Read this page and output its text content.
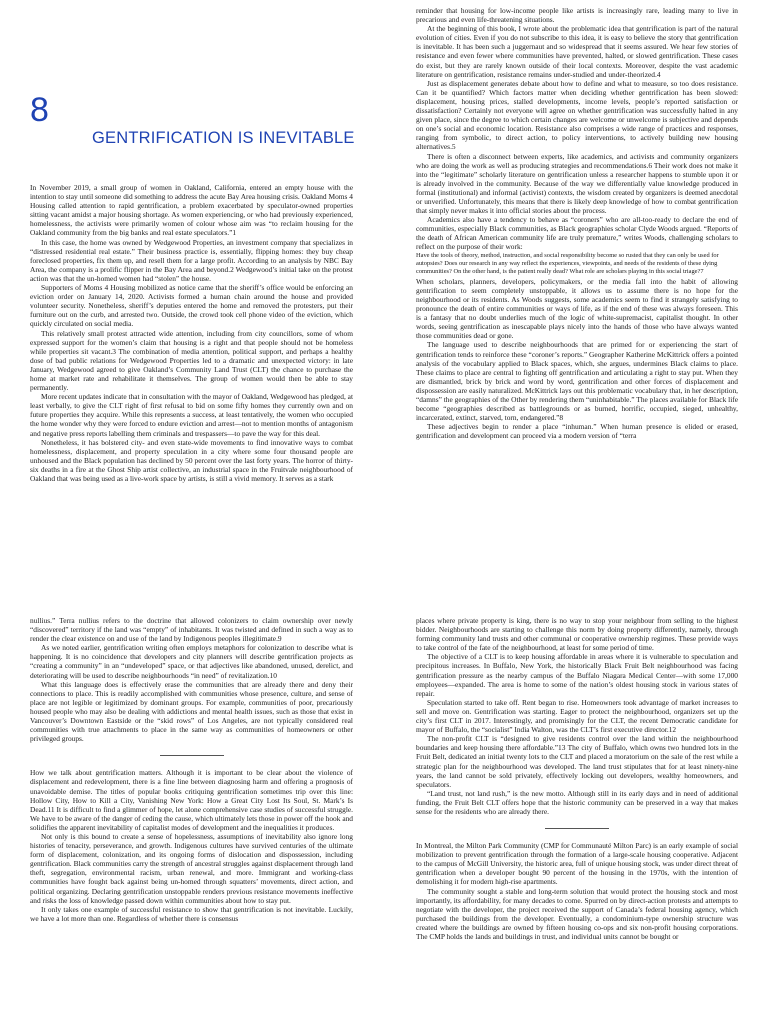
8
GENTRIFICATION IS INEVITABLE

In November 2019, a small group of women in Oakland, California, entered an empty house with the intention to stay until someone did something to address the acute Bay Area housing crisis. Oakland Moms 4 Housing called attention to rapid gentrification, a problem exacerbated by speculator-owned properties sitting vacant amidst a major housing shortage. As women experiencing, or who had previously experienced, homelessness, the activists were primarily women of colour whose aim was “to reclaim housing for the Oakland community from the big banks and real estate speculators.”1

In this case, the home was owned by Wedgewood Properties, an investment company that specializes in “distressed residential real estate.” Their business practice is, essentially, flipping homes: they buy cheap foreclosed properties, fix them up, and resell them for a large profit. According to an analysis by NBC Bay Area, the company is a prolific flipper in the Bay Area and beyond.2 Wedgewood’s initial take on the protest action was that the un-homed women had “stolen” the house.

Supporters of Moms 4 Housing mobilized as notice came that the sheriff’s office would be enforcing an eviction order on January 14, 2020. Activists formed a human chain around the house and provided volunteer security. Nonetheless, sheriff’s deputies entered the home and removed the protesters, put their furniture out on the curb, and arrested two. Outside, the crowd took cell phone video of the eviction, which quickly circulated on social media.

This relatively small protest attracted wide attention, including from city councillors, some of whom expressed support for the women’s claim that housing is a right and that people should not be homeless while properties sit vacant.3 The combination of media attention, political support, and perhaps a healthy dose of bad public relations for Wedgewood Properties led to a dramatic and unexpected victory: in late January, Wedgewood agreed to give Oakland’s Community Land Trust (CLT) the chance to purchase the home at market rate and rehabilitate it themselves. The group of women would then be able to stay permanently.

More recent updates indicate that in consultation with the mayor of Oakland, Wedgewood has pledged, at least verbally, to give the CLT right of first refusal to bid on some fifty homes they currently own and on future properties they acquire. While this represents a success, at least tentatively, the women who occupied the home wonder why they were forced to endure eviction and arrest—not to mention months of antagonism and negative press reports labelling them criminals and trespassers—to pave the way for this deal.

Nonetheless, it has bolstered city- and even state-wide movements to find innovative ways to combat homelessness, displacement, and property speculation in a city where some four thousand people are unhoused and the Black population has declined by 50 percent over the last forty years. The horror of thirty-six deaths in a fire at the Ghost Ship artist collective, an industrial space in the Fruitvale neighbourhood of Oakland that was being used as a live-work space by artists, is still a vivid memory. It serves as a stark

reminder that housing for low-income people like artists is increasingly rare, leading many to live in precarious and even life-threatening situations.

At the beginning of this book, I wrote about the problematic idea that gentrification is part of the natural evolution of cities. Even if you do not subscribe to this idea, it is easy to believe the story that gentrification is inevitable. It has been such a juggernaut and so widespread that it seems assured. We hear few stories of resistance and even fewer where communities have prevented, halted, or slowed gentrification. These cases do exist, but they are rarely known outside of their local contexts. Moreover, despite the vast academic literature on gentrification, resistance remains under-studied and under-theorized.4

Just as displacement generates debate about how to define and what to measure, so too does resistance. Can it be quantified? Which factors matter when deciding whether gentrification has been slowed: displacement, housing prices, stalled developments, income levels, people’s reported satisfaction or dissatisfaction? Certainly not everyone will agree on whether gentrification was successfully halted in any given place, since the degree to which certain changes are welcome or unwelcome is subjective and depends on one’s social and economic location. Resistance also comprises a wide range of practices and responses, ranging from symbolic, to direct action, to policy interventions, to actively building new housing alternatives.5

There is often a disconnect between experts, like academics, and activists and community organizers who are doing the work as well as producing strategies and recommendations.6 Their work does not make it into the “legitimate” scholarly literature on gentrification unless a researcher happens to stumble upon it or is already involved in the community. Because of the way we differentially value knowledge produced in formal (institutional) and informal (activist) contexts, the wisdom created by organizers is deemed anecdotal or unverified. Unfortunately, this means that there is likely deep knowledge of how to combat gentrification that simply never makes it into official stories about the process.

Academics also have a tendency to behave as “coroners” who are all-too-ready to declare the end of communities, especially Black communities, as Black geographies scholar Clyde Woods argued. “Reports of the death of African American community life are truly premature,” writes Woods, challenging scholars to reflect on the purpose of their work:

Have the tools of theory, method, instruction, and social responsibility become so rusted that they can only be used for autopsies? Does our research in any way reflect the experiences, viewpoints, and needs of the residents of these dying communities? On the other hand, is the patient really dead? What role are scholars playing in this social triage?7

When scholars, planners, developers, policymakers, or the media fall into the habit of allowing gentrification to seem completely unstoppable, it allows us to assume there is no hope for the neighbourhood or its residents. As Woods suggests, some academics seem to find it strangely satisfying to pronounce the death of entire communities or ways of life, as if the end of these was always foreseen. This is a fantasy that no doubt underlies much of the logic of white-supremacist, capitalist thought. In other words, seeing gentrification as inescapable plays nicely into the hands of those who have always wanted those communities dead or gone.

The language used to describe neighbourhoods that are primed for or experiencing the start of gentrification tends to reinforce these “coroner’s reports.” Geographer Katherine McKittrick offers a pointed analysis of the vocabulary applied to Black spaces, which, she argues, undermines Black claims to place. These claims to place are central to fighting off gentrification and articulating a right to stay put. When they are dismantled, brick by brick and word by word, gentrification and other forces of displacement and dispossession are easily naturalized. McKittrick lays out this problematic vocabulary that, in her description, “damns” the geographies of the Other by rendering them “uninhabitable.” The places available for Black life become “geographies described as battlegrounds or as burned, horrific, occupied, sieged, unhealthy, incarcerated, extinct, starved, torn, endangered.”8

These adjectives begin to render a place “inhuman.” When human presence is elided or erased, gentrification and development can proceed via a modern version of “terra

nullius.” Terra nullius refers to the doctrine that allowed colonizers to claim ownership over newly “discovered” territory if the land was “empty” of inhabitants. It was twisted and defined in such a way as to render the clear existence on and use of the land by Indigenous peoples illegitimate.9

As we noted earlier, gentrification writing often employs metaphors for colonization to describe what is happening. It is no coincidence that developers and city planners will describe gentrification projects as “creating a community” in an “undeveloped” space, or that adjectives like abandoned, unused, derelict, and deteriorating will be used to describe neighbourhoods “in need” of revitalization.10

What this language does is effectively erase the communities that are already there and deny their connections to place. This is readily accomplished with communities whose presence, culture, and sense of place are not legible or legitimized by dominant groups. For example, communities of poor, precariously housed people who may also be dealing with addictions and mental health issues, such as those that exist in Vancouver’s Downtown Eastside or the “skid rows” of Los Angeles, are not typically considered real communities with true attachments to place in the same way as communities of homeowners or other privileged groups.

How we talk about gentrification matters. Although it is important to be clear about the violence of displacement and redevelopment, there is a fine line between diagnosing harm and offering a prognosis of unavoidable demise. The titles of popular books critiquing gentrification sometimes trip over this line: Hollow City, How to Kill a City, Vanishing New York: How a Great City Lost Its Soul, St. Mark’s Is Dead.11 It is difficult to find a glimmer of hope, let alone comprehensive case studies of successful struggle. We have to be aware of the danger of ceding the cause, which ultimately lets those in power off the hook and solidifies the apparent inevitability of capitalist modes of development and the inequalities it produces.

Not only is this bound to create a sense of hopelessness, assumptions of inevitability also ignore long histories of tenacity, perseverance, and growth. Indigenous cultures have survived centuries of the ultimate form of displacement, colonization, and its ongoing forms of dislocation and dispossession, including gentrification. Black communities carry the strength of ancestral struggles against displacement through land theft, segregation, environmental racism, urban renewal, and more. Immigrant and working-class communities have fought back against being un-homed through squatters’ movements, direct action, and political organizing. Declaring gentrification unstoppable renders previous resistance movements ineffective and risks the loss of knowledge passed down within communities about how to stay put.

It only takes one example of successful resistance to show that gentrification is not inevitable. Luckily, we have a lot more than one. Regardless of whether there is consensus

places where private property is king, there is no way to stop your neighbour from selling to the highest bidder. Neighbourhoods are starting to challenge this norm by doing property differently, namely, through forming community land trusts and other communal or cooperative ownership regimes. These provide ways to take control of the fate of the neighbourhood, at least for some period of time.

The objective of a CLT is to keep housing affordable in areas where it is vulnerable to speculation and precipitous increases. In Buffalo, New York, the historically Black Fruit Belt neighbourhood was facing gentrification pressure as the nearby campus of the Buffalo Niagara Medical Center—with some 17,000 employees—expanded. The area is home to some of the nation’s oldest housing stock in various states of repair.

Speculation started to take off. Rent began to rise. Homeowners took advantage of market increases to sell and move on. Gentrification was starting. Eager to protect the neighbourhood, organizers set up the city’s first CLT in 2017. Interestingly, and promisingly for the CLT, the recent Democratic candidate for mayor of Buffalo, the “socialist” India Walton, was the CLT’s first executive director.12

The non-profit CLT is “designed to give residents control over the land within the neighbourhood boundaries and keep housing there affordable.”13 The city of Buffalo, which owns two hundred lots in the Fruit Belt, dedicated an initial twenty lots to the CLT and placed a moratorium on the sale of the rest while a strategic plan for the neighbourhood was developed. The land trust stipulates that for at least ninety-nine years, the land cannot be sold privately, effectively locking out developers, wealthy homeowners, and speculators.

“Land trust, not land rush,” is the new motto. Although still in its early days and in need of additional funding, the Fruit Belt CLT offers hope that the historic community can be preserved in a way that makes sense for the residents who are already there.

In Montreal, the Milton Park Community (CMP for Communauté Milton Parc) is an early example of social mobilization to prevent gentrification through the formation of a large-scale housing cooperative. Adjacent to the campus of McGill University, the historic area, full of unique housing stock, was under direct threat of gentrification when a developer bought 90 percent of the housing in the 1970s, with the intention of demolishing it for modern high-rise apartments.

The community sought a stable and long-term solution that would protect the housing stock and most importantly, its affordability, for many decades to come. Spurred on by direct-action protests and attempts to negotiate with the developer, the project received the support of Canada’s federal housing agency, which purchased the buildings from the developer. Eventually, a condominium-type ownership structure was created where the buildings are owned by fifteen housing co-ops and six non-profit housing corporations. The CMP holds the lands and buildings in trust, and individual units cannot be bought or
